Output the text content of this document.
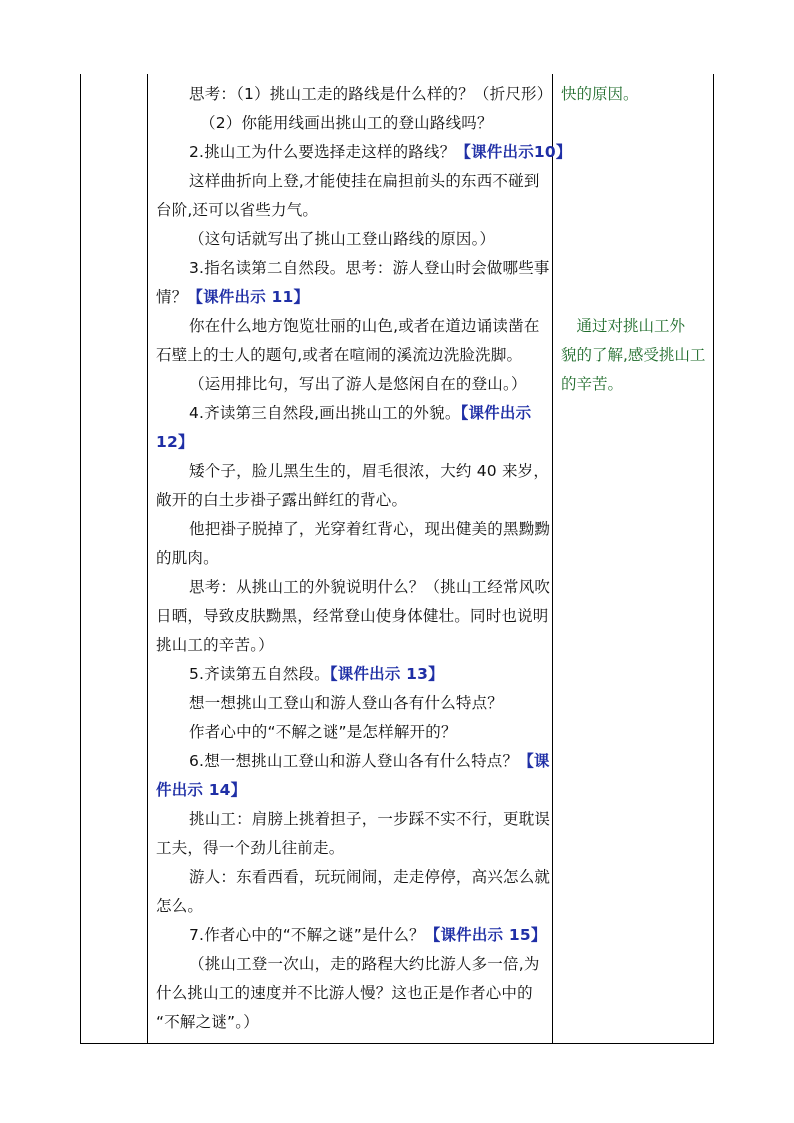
思考：（1）挑山工走的路线是什么样的？（折尺形）
（2）你能用线画出挑山工的登山路线吗？
2.挑山工为什么要选择走这样的路线？【课件出示10】
这样曲折向上登,才能使挂在扁担前头的东西不碰到
台阶,还可以省些力气。
（这句话就写出了挑山工登山路线的原因。）
3.指名读第二自然段。思考：游人登山时会做哪些事
情？【课件出示 11】
你在什么地方饱览壮丽的山色,或者在道边诵读凿在
石壁上的士人的题句,或者在喧闹的溪流边洗脸洗脚。
（运用排比句，写出了游人是悠闲自在的登山。）
4.齐读第三自然段,画出挑山工的外貌。【课件出示
12】
矮个子，脸儿黑生生的，眉毛很浓，大约 40 来岁，
敞开的白土步褂子露出鲜红的背心。
他把褂子脱掉了，光穿着红背心，现出健美的黑黝黝
的肌肉。
思考：从挑山工的外貌说明什么？（挑山工经常风吹
日晒，导致皮肤黝黑，经常登山使身体健壮。同时也说明
挑山工的辛苦。）
5.齐读第五自然段。【课件出示 13】
想一想挑山工登山和游人登山各有什么特点？
作者心中的“不解之谜”是怎样解开的？
6.想一想挑山工登山和游人登山各有什么特点？【课
件出示 14】
挑山工：肩膀上挑着担子，一步踩不实不行，更耽误
工夫，得一个劲儿往前走。
游人：东看西看，玩玩闹闹，走走停停，高兴怎么就
怎么。
7.作者心中的“不解之谜”是什么？【课件出示 15】
（挑山工登一次山，走的路程大约比游人多一倍,为
什么挑山工的速度并不比游人慢？这也正是作者心中的
“不解之谜”。）
快的原因。
　通过对挑山工外
貌的了解,感受挑山工
的辛苦。
